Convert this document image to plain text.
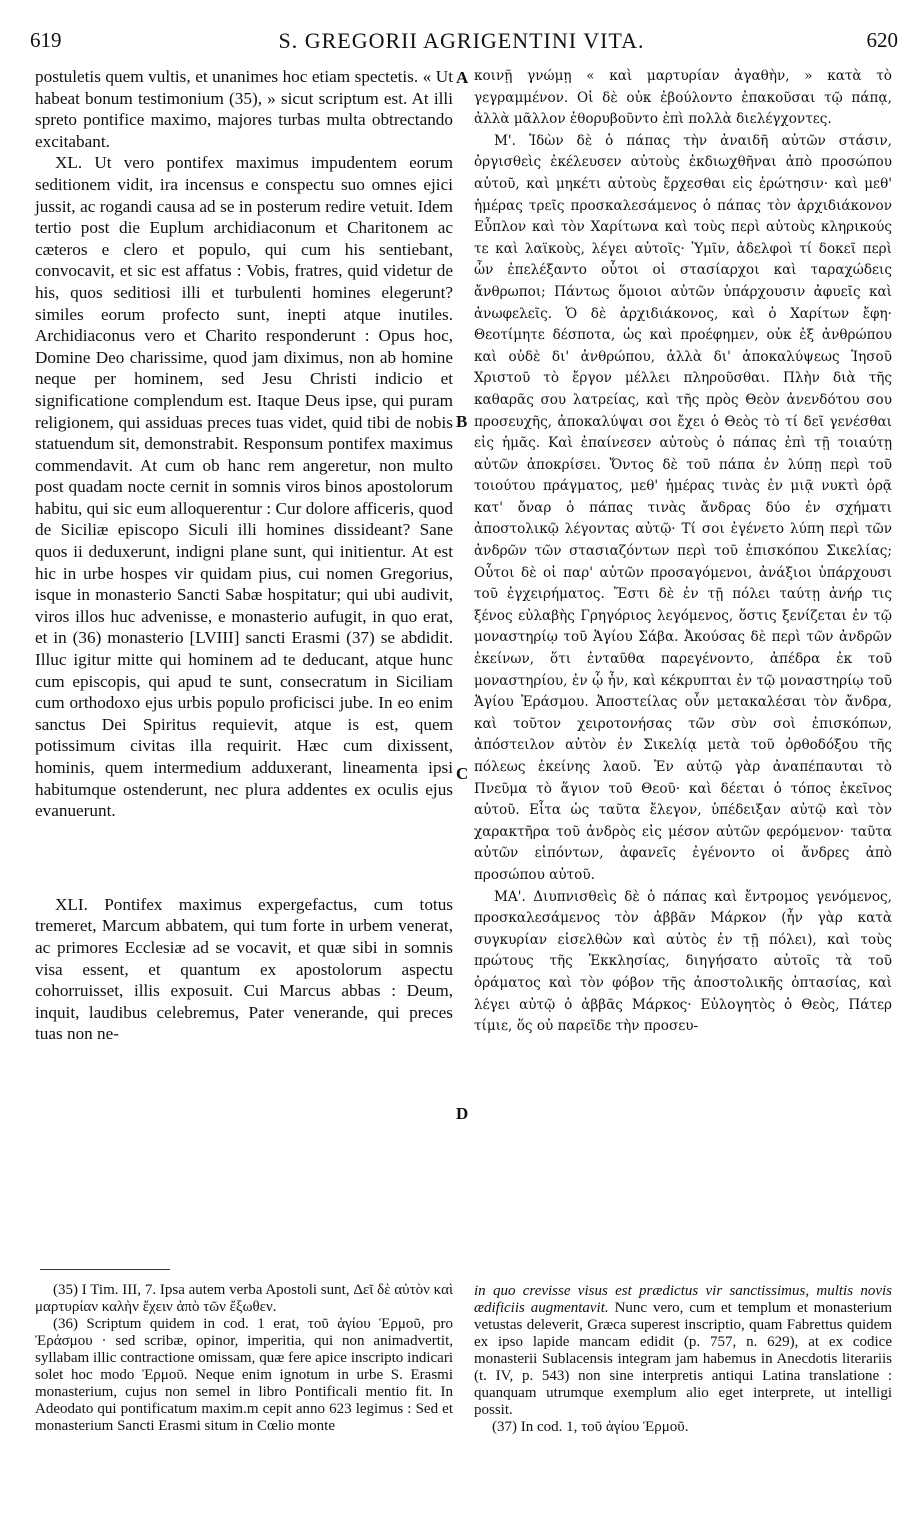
619	S. GREGORII AGRIGENTINI VITA.	620

postuletis quem vultis, et unanimes hoc etiam spectetis. « Ut habeat bonum testimonium (35), » sicut scriptum est. At illi spreto pontifice maximo, majores turbas multa obtrectando excitabant.

XL. Ut vero pontifex maximus impudentem eorum seditionem vidit, ira incensus e conspectu suo omnes ejici jussit, ac rogandi causa ad se in posterum redire vetuit. Idem tertio post die Euplum archidiaconum et Charitonem ac cæteros e clero et populo, qui cum his sentiebant, convocavit, et sic est affatus : Vobis, fratres, quid videtur de his, quos seditiosi illi et turbulenti homines elegerunt? similes eorum profecto sunt, inepti atque inutiles. Archidiaconus vero et Charito responderunt : Opus hoc, Domine Deo charissime, quod jam diximus, non ab homine neque per hominem, sed Jesu Christi indicio et significatione complendum est. Itaque Deus ipse, qui puram religionem, qui assiduas preces tuas videt, quid tibi de nobis statuendum sit, demonstrabit. Responsum pontifex maximus commendavit. At cum ob hanc rem angeretur, non multo post quadam nocte cernit in somnis viros binos apostolorum habitu, qui sic eum alloquerentur : Cur dolore afficeris, quod de Siciliæ episcopo Siculi illi homines dissideant? Sane quos ii deduxerunt, indigni plane sunt, qui initientur. At est hic in urbe hospes vir quidam pius, cui nomen Gregorius, isque in monasterio Sancti Sabæ hospitatur; qui ubi audivit, viros illos huc advenisse, e monasterio aufugit, in quo erat, et in (36) monasterio [LVIII] sancti Erasmi (37) se abdidit. Illuc igitur mitte qui hominem ad te deducant, atque hunc cum episcopis, qui apud te sunt, consecratum in Siciliam cum orthodoxo ejus urbis populo proficisci jube. In eo enim sanctus Dei Spiritus requievit, atque is est, quem potissimum civitas illa requirit. Hæc cum dixissent, hominis, quem intermedium adduxerant, lineamenta ipsi habitumque ostenderunt, nec plura addentes ex oculis ejus evanuerunt.

XLI. Pontifex maximus expergefactus, cum totus tremeret, Marcum abbatem, qui tum forte in urbem venerat, ac primores Ecclesiæ ad se vocavit, et quæ sibi in somnis visa essent, et quantum ex apostolorum aspectu cohorruisset, illis exposuit. Cui Marcus abbas : Deum, inquit, laudibus celebremus, Pater venerande, qui preces tuas non ne-

A
B
C
D

κοινῇ γνώμῃ « καὶ μαρτυρίαν ἀγαθὴν, » κατὰ τὸ γεγραμμένον. Οἱ δὲ οὐκ ἐβούλοντο ἐπακοῦσαι τῷ πάπᾳ, ἀλλὰ μᾶλλον ἐθορυβοῦντο ἐπὶ πολλὰ διελέγχοντες.

Μ'. Ἰδὼν δὲ ὁ πάπας τὴν ἀναιδῆ αὐτῶν στάσιν, ὀργισθεὶς ἐκέλευσεν αὐτοὺς ἐκδιωχθῆναι ἀπὸ προσώπου αὐτοῦ, καὶ μηκέτι αὐτοὺς ἔρχεσθαι εἰς ἐρώτησιν· καὶ μεθ' ἡμέρας τρεῖς προσκαλεσάμενος ὁ πάπας τὸν ἀρχιδιάκονον Εὖπλον καὶ τὸν Χαρίτωνα καὶ τοὺς περὶ αὐτοὺς κληρικούς τε καὶ λαϊκοὺς, λέγει αὐτοῖς· Ὑμῖν, ἀδελφοὶ τί δοκεῖ περὶ ὧν ἐπελέξαντο οὗτοι οἱ στασίαρχοι καὶ ταραχώδεις ἄνθρωποι; Πάντως ὅμοιοι αὐτῶν ὑπάρχουσιν ἀφυεῖς καὶ ἀνωφελεῖς. Ὁ δὲ ἀρχιδιάκονος, καὶ ὁ Χαρίτων ἔφη· Θεοτίμητε δέσποτα, ὡς καὶ προέφημεν, οὐκ ἐξ ἀνθρώπου καὶ οὐδὲ δι' ἀνθρώπου, ἀλλὰ δι' ἀποκαλύψεως Ἰησοῦ Χριστοῦ τὸ ἔργον μέλλει πληροῦσθαι. Πλὴν διὰ τῆς καθαρᾶς σου λατρείας, καὶ τῆς πρὸς Θεὸν ἀνενδότου σου προσευχῆς, ἀποκαλύψαι σοι ἔχει ὁ Θεὸς τὸ τί δεῖ γενέσθαι εἰς ἡμᾶς. Καὶ ἐπαίνεσεν αὐτοὺς ὁ πάπας ἐπὶ τῇ τοιαύτῃ αὐτῶν ἀποκρίσει. Ὄντος δὲ τοῦ πάπα ἐν λύπῃ περὶ τοῦ τοιούτου πράγματος, μεθ' ἡμέρας τινὰς ἐν μιᾷ νυκτὶ ὁρᾷ κατ' ὄναρ ὁ πάπας τινὰς ἄνδρας δύο ἐν σχήματι ἀποστολικῷ λέγοντας αὐτῷ· Τί σοι ἐγένετο λύπη περὶ τῶν ἀνδρῶν τῶν στασιαζόντων περὶ τοῦ ἐπισκόπου Σικελίας; Οὗτοι δὲ οἱ παρ' αὐτῶν προσαγόμενοι, ἀνάξιοι ὑπάρχουσι τοῦ ἐγχειρήματος. Ἔστι δὲ ἐν τῇ πόλει ταύτῃ ἀνήρ τις ξένος εὐλαβὴς Γρηγόριος λεγόμενος, ὅστις ξενίζεται ἐν τῷ μοναστηρίῳ τοῦ Ἁγίου Σάβα. Ἀκούσας δὲ περὶ τῶν ἀνδρῶν ἐκείνων, ὅτι ἐνταῦθα παρεγένοντο, ἀπέδρα ἐκ τοῦ μοναστηρίου, ἐν ᾧ ἦν, καὶ κέκρυπται ἐν τῷ μοναστηρίῳ τοῦ Ἁγίου Ἐράσμου. Ἀποστείλας οὖν μετακαλέσαι τὸν ἄνδρα, καὶ τοῦτον χειροτονήσας τῶν σὺν σοὶ ἐπισκόπων, ἀπόστειλον αὐτὸν ἐν Σικελίᾳ μετὰ τοῦ ὀρθοδόξου τῆς πόλεως ἐκείνης λαοῦ. Ἐν αὐτῷ γὰρ ἀναπέπαυται τὸ Πνεῦμα τὸ ἅγιον τοῦ Θεοῦ· καὶ δέεται ὁ τόπος ἐκεῖνος αὐτοῦ. Εἶτα ὡς ταῦτα ἔλεγον, ὑπέδειξαν αὐτῷ καὶ τὸν χαρακτῆρα τοῦ ἀνδρὸς εἰς μέσον αὐτῶν φερόμενον· ταῦτα αὐτῶν εἰπόντων, ἀφανεῖς ἐγένοντο οἱ ἄνδρες ἀπὸ προσώπου αὐτοῦ.

ΜΑ'. Διυπνισθεὶς δὲ ὁ πάπας καὶ ἔντρομος γενόμενος, προσκαλεσάμενος τὸν ἀββᾶν Μάρκον (ἦν γὰρ κατὰ συγκυρίαν εἰσελθὼν καὶ αὐτὸς ἐν τῇ πόλει), καὶ τοὺς πρώτους τῆς Ἐκκλησίας, διηγήσατο αὐτοῖς τὰ τοῦ ὁράματος καὶ τὸν φόβον τῆς ἀποστολικῆς ὀπτασίας, καὶ λέγει αὐτῷ ὁ ἀββᾶς Μάρκος· Εὐλογητὸς ὁ Θεὸς, Πάτερ τίμιε, ὅς οὐ παρεῖδε τὴν προσευ-

(35) I Tim. III, 7. Ipsa autem verba Apostoli sunt, Δεῖ δὲ αὐτὸν καὶ μαρτυρίαν καλὴν ἔχειν ἀπὸ τῶν ἔξωθεν.

(36) Scriptum quidem in cod. 1 erat, τοῦ ἁγίου Ἑρμοῦ, pro Ἐράσμου · sed scribæ, opinor, imperitia, qui non animadvertit, syllabam illic contractione omissam, quæ fere apice inscripto indicari solet hoc modo Ἑρμοῦ. Neque enim ignotum in urbe S. Erasmi monasterium, cujus non semel in libro Pontificali mentio fit. In Adeodato qui pontificatum maxim.m cepit anno 623 legimus : Sed et monasterium Sancti Erasmi situm in Cœlio monte

in quo crevisse visus est prædictus vir sanctissimus, multis novis ædificiis augmentavit. Nunc vero, cum et templum et monasterium vetustas deleverit, Græca superest inscriptio, quam Fabrettus quidem ex ipso lapide mancam edidit (p. 757, n. 629), at ex codice monasterii Sublacensis integram jam habemus in Anecdotis literariis (t. IV, p. 543) non sine interpretis antiqui Latina translatione : quanquam utrumque exemplum alio eget interprete, ut intelligi possit.

(37) In cod. 1, τοῦ ἁγίου Ἑρμοῦ.
